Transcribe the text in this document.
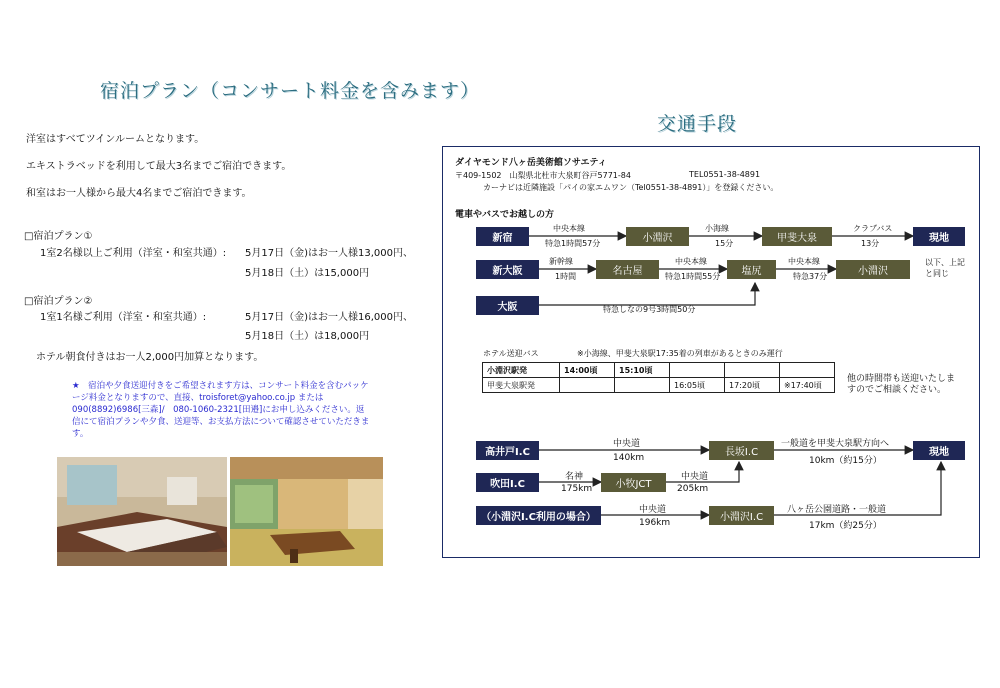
宿泊プラン（コンサート料金を含みます）
洋室はすべてツインルームとなります。
エキストラベッドを利用して最大3名までご宿泊できます。
和室はお一人様から最大4名までご宿泊できます。
□宿泊プラン①
1室2名様以上ご利用（洋室・和室共通）: 5月17日（金)はお一人様13,000円、
5月18日（土）は15,000円
□宿泊プラン②
1室1名様ご利用（洋室・和室共通）:	5月17日（金)はお一人様16,000円、
5月18日（土）は18,000円
ホテル朝食付きはお一人2,000円加算となります。
★　宿泊や夕食送迎付きをご希望されます方は、コンサート料金を含むパッケージ料金となりますので、直接、troisforet@yahoo.co.jp または 090(8892)6986[三森]/　080-1060-2321[田邉]にお申し込みください。返信にて宿泊プランや夕食、送迎等、お支払方法について確認させていただきます。
交通手段
ダイヤモンド八ヶ岳美術館ソサエティ
〒409-1502　山梨県北杜市大泉町谷戸5771-84	TEL0551-38-4891
カーナビは近隣施設「パイの家エムワン（Tel0551-38-4891）」を登録ください。
電車やバスでお越しの方
新宿
中央本線
特急1時間57分	小淵沢
小海線
15分	甲斐大泉
クラブバス
13分	現地
新大阪
新幹線
1時間	名古屋
中央本線
特急1時間55分	塩尻
中央本線
特急37分	小淵沢
以下、上記と同じ
大阪	特急しなの9号3時間50分
ホテル送迎バス	※小海線、甲斐大泉駅17:35着の列車があるときのみ運行
他の時間帯も送迎いたしますのでご相談ください。
高井戸I.C
中央道
140km	長坂I.C
一般道を甲斐大泉駅方向へ
10km（約15分）
現地
吹田I.C
名神
175km	小牧JCT
中央道
205km
（小淵沢I.C利用の場合）
中央道
196km	小淵沢I.C
八ヶ岳公園道路・一般道
17km（約25分）
小淵沢駅発	14:00頃	15:10頃			
甲斐大泉駅発			16:05頃	17:20頃	※17:40頃
